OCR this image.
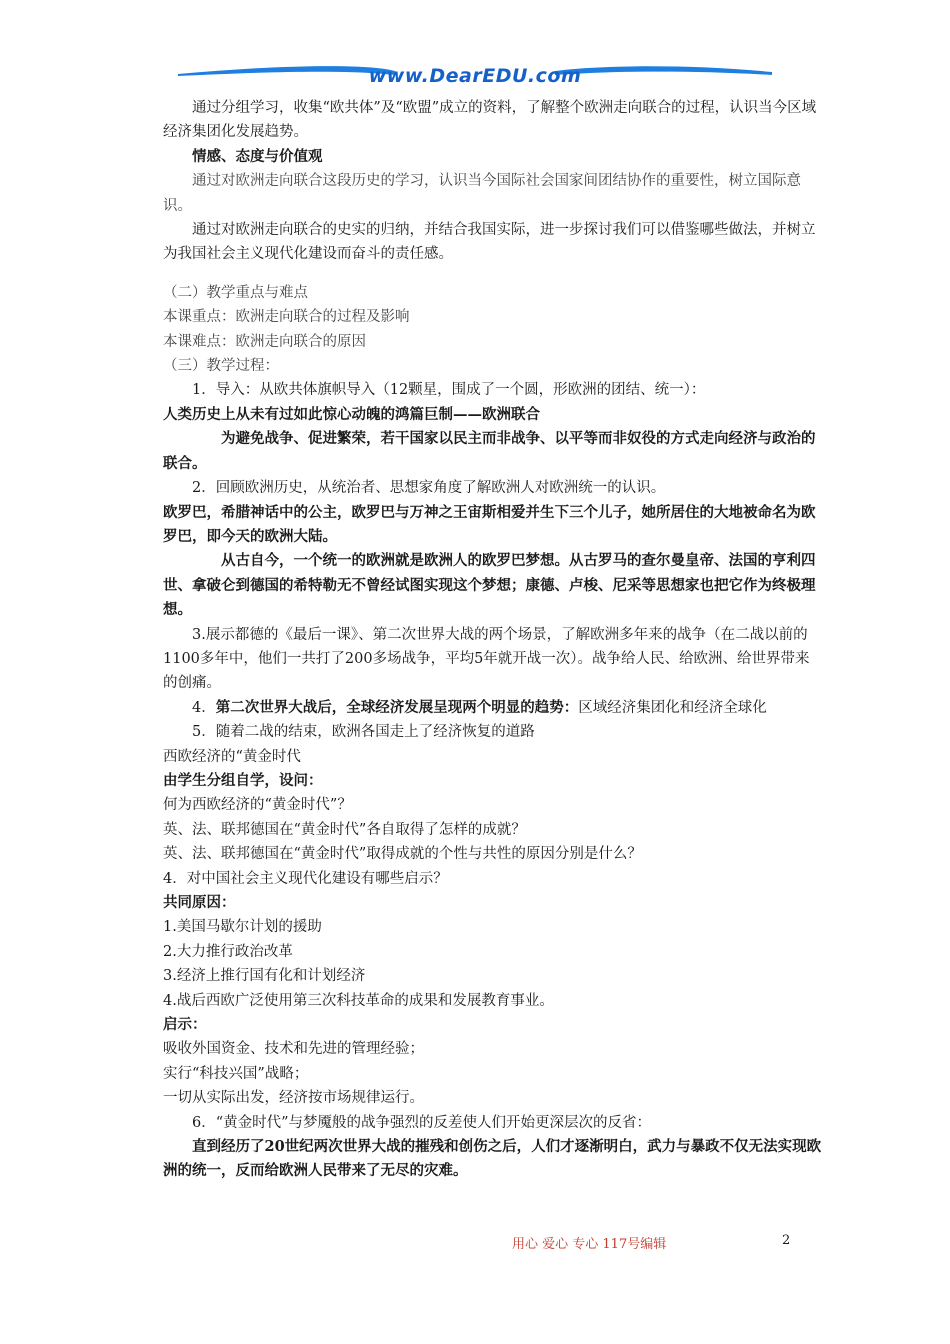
www.DearEDU.com

通过分组学习，收集“欧共体”及“欧盟”成立的资料，了解整个欧洲走向联合的过程，认识当今区域经济集团化发展趋势。

情感、态度与价值观

通过对欧洲走向联合这段历史的学习，认识当今国际社会国家间团结协作的重要性，树立国际意识。

通过对欧洲走向联合的史实的归纳，并结合我国实际，进一步探讨我们可以借鉴哪些做法，并树立为我国社会主义现代化建设而奋斗的责任感。

（二）教学重点与难点

本课重点：欧洲走向联合的过程及影响

本课难点：欧洲走向联合的原因

（三）教学过程：

1．导入：从欧共体旗帜导入（12颗星，围成了一个圆，形欧洲的团结、统一）：

人类历史上从未有过如此惊心动魄的鸿篇巨制——欧洲联合

为避免战争、促进繁荣，若干国家以民主而非战争、以平等而非奴役的方式走向经济与政治的联合。

2．回顾欧洲历史，从统治者、思想家角度了解欧洲人对欧洲统一的认识。

欧罗巴，希腊神话中的公主，欧罗巴与万神之王宙斯相爱并生下三个儿子，她所居住的大地被命名为欧罗巴，即今天的欧洲大陆。

从古自今，一个统一的欧洲就是欧洲人的欧罗巴梦想。从古罗马的查尔曼皇帝、法国的亨利四世、拿破仑到德国的希特勒无不曾经试图实现这个梦想；康德、卢梭、尼采等思想家也把它作为终极理想。

3.展示都德的《最后一课》、第二次世界大战的两个场景，了解欧洲多年来的战争（在二战以前的1100多年中，他们一共打了200多场战争，平均5年就开战一次）。战争给人民、给欧洲、给世界带来的创痛。

4．第二次世界大战后，全球经济发展呈现两个明显的趋势：区域经济集团化和经济全球化

5．随着二战的结束，欧洲各国走上了经济恢复的道路

西欧经济的“黄金时代

由学生分组自学，设问：

何为西欧经济的“黄金时代”？

英、法、联邦德国在“黄金时代”各自取得了怎样的成就？

英、法、联邦德国在“黄金时代”取得成就的个性与共性的原因分别是什么？

4．对中国社会主义现代化建设有哪些启示？

共同原因：

1.美国马歇尔计划的援助

2.大力推行政治改革

3.经济上推行国有化和计划经济

4.战后西欧广泛使用第三次科技革命的成果和发展教育事业。

启示：

吸收外国资金、技术和先进的管理经验；

实行“科技兴国”战略；

一切从实际出发，经济按市场规律运行。

6．“黄金时代”与梦魇般的战争强烈的反差使人们开始更深层次的反省：

直到经历了20世纪两次世界大战的摧残和创伤之后，人们才逐渐明白，武力与暴政不仅无法实现欧洲的统一，反而给欧洲人民带来了无尽的灾难。

用心 爱心 专心 117号编辑	2
